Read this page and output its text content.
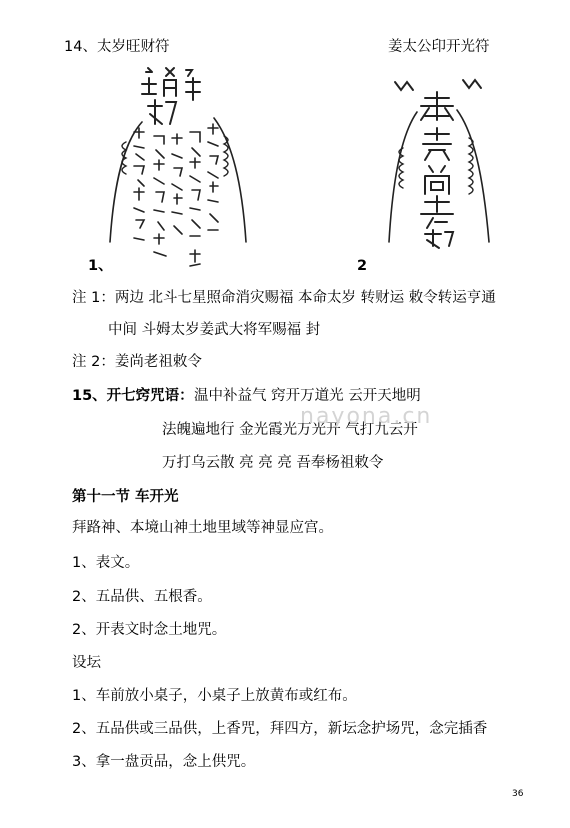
14、太岁旺财符	姜太公印开光符
1、	2
注 1：两边 北斗七星照命消灾赐福 本命太岁 转财运 敕令转运亨通
中间 斗姆太岁姜武大将军赐福 封
注 2：姜尚老祖敕令
15、开七窍咒语： 温中补益气 窍开万道光 云开天地明
法魄遍地行 金光霞光万光开 气打九云开
万打乌云散 亮 亮 亮 吾奉杨祖敕令
nayona.cn
第十一节 车开光
拜路神、本境山神土地里域等神显应宫。
1、表文。
2、五品供、五根香。
2、开表文时念土地咒。
设坛
1、车前放小桌子，小桌子上放黄布或红布。
2、五品供或三品供，上香咒，拜四方，新坛念护场咒，念完插香
3、拿一盘贡品，念上供咒。
36
